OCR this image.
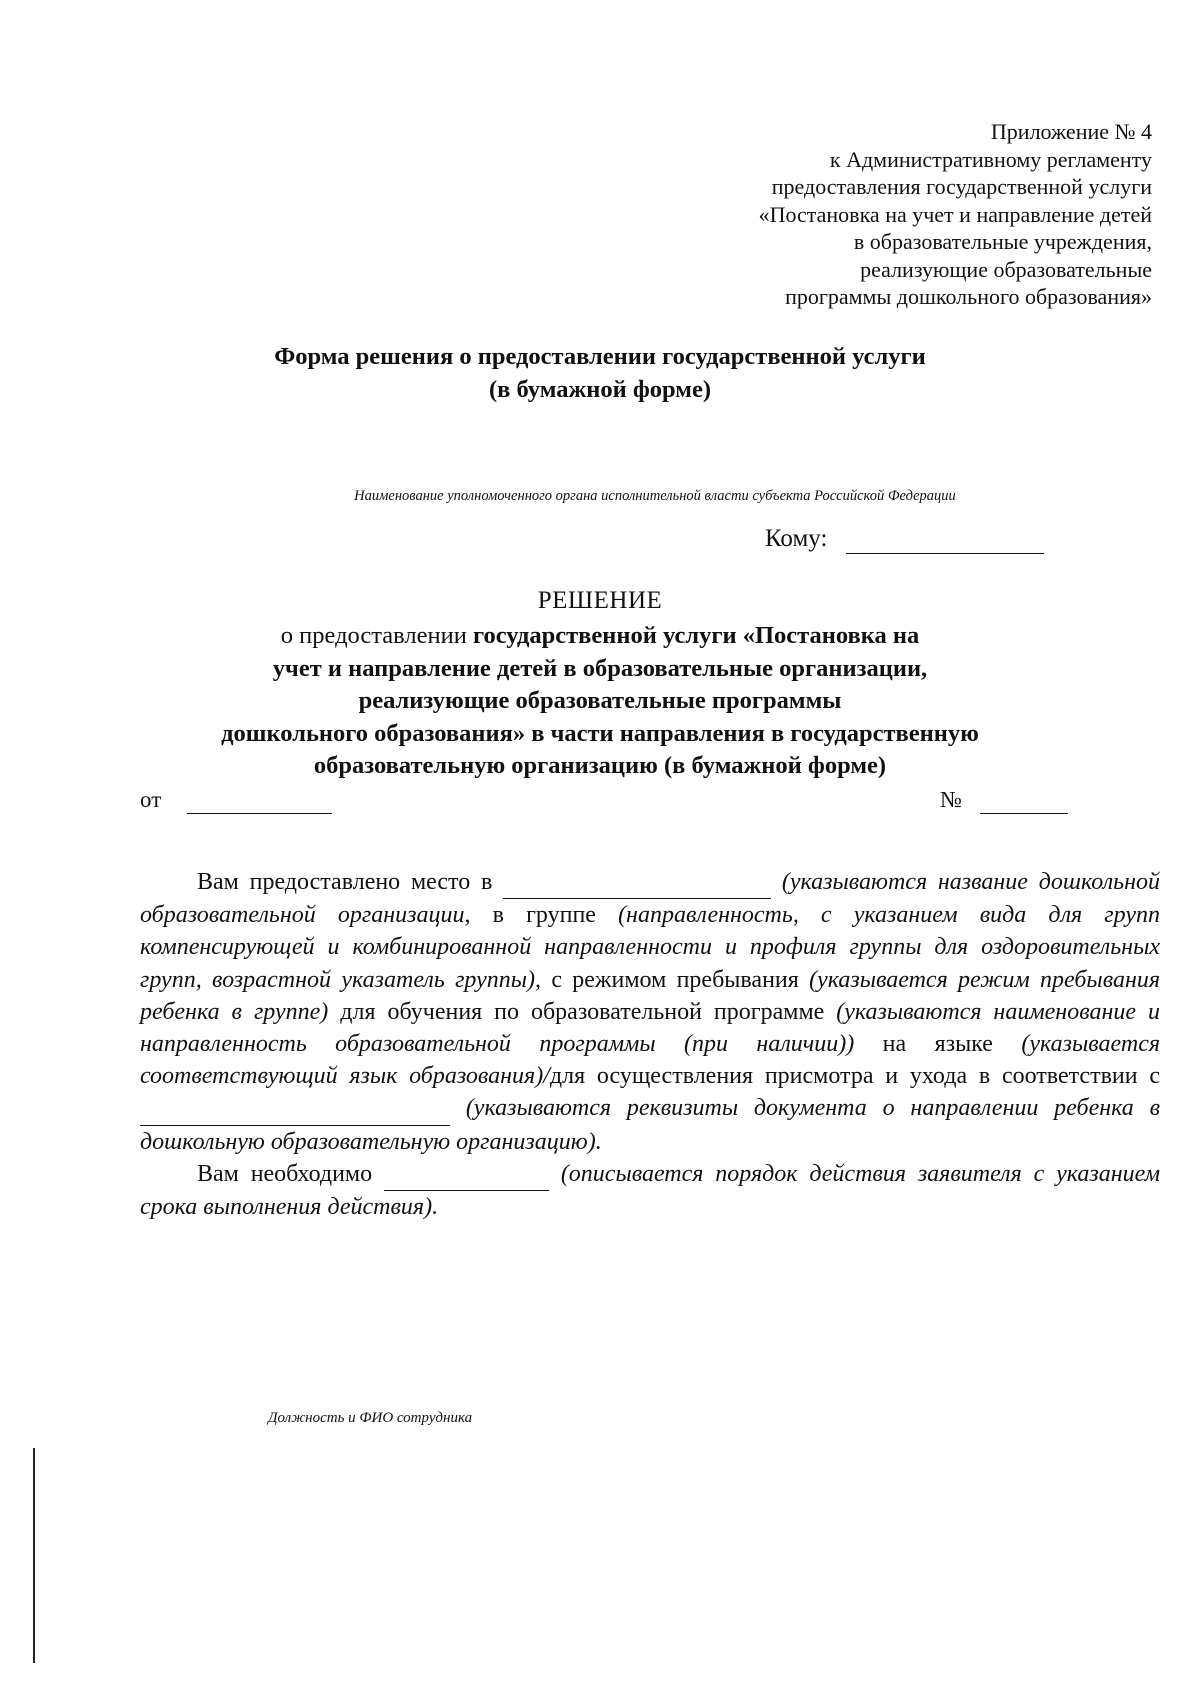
Приложение № 4
к Административному регламенту
предоставления государственной услуги
«Постановка на учет и направление детей
в образовательные учреждения,
реализующие образовательные
программы дошкольного образования»
Форма решения о предоставлении государственной услуги
(в бумажной форме)
Наименование уполномоченного органа исполнительной власти субъекта Российской Федерации
Кому:
РЕШЕНИЕ
о предоставлении государственной услуги «Постановка на
учет и направление детей в образовательные организации,
реализующие образовательные программы
дошкольного образования» в части направления в государственную
образовательную организацию (в бумажной форме)
от	№

Вам предоставлено место в	(указываются название дошкольной образовательной организации, в группе (направленность, с указанием вида для групп компенсирующей и комбинированной направленности и профиля группы для оздоровительных групп, возрастной указатель группы), с режимом пребывания (указывается режим пребывания ребенка в группе) для обучения по образовательной программе (указываются наименование и направленность образовательной программы (при наличии)) на языке (указывается соответствующий язык образования)/для осуществления присмотра и ухода в соответствии с   (указываются реквизиты документа о направлении ребенка в дошкольную образовательную организацию).

Вам необходимо	(описывается порядок действия заявителя с указанием срока выполнения действия).

Должность и ФИО сотрудника
